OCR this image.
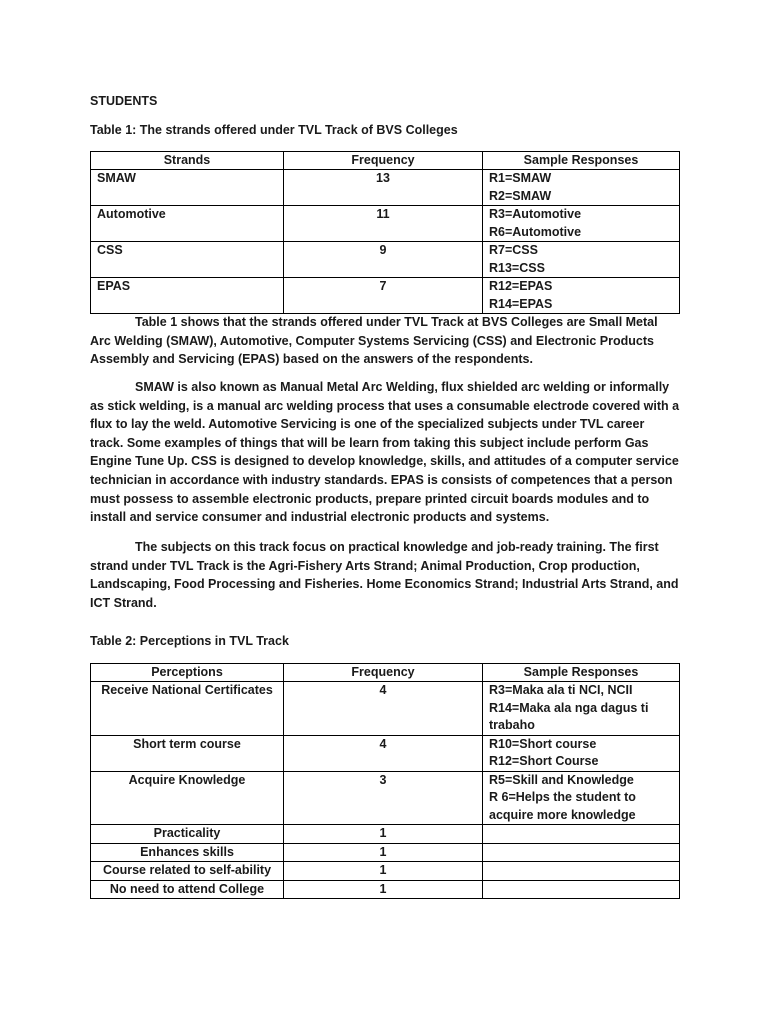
STUDENTS

Table 1: The strands offered under TVL Track of BVS Colleges

Strands	Frequency	Sample Responses
SMAW	13	R1=SMAW
R2=SMAW

Automotive	11	R3=Automotive
R6=Automotive

CSS	9	R7=CSS
R13=CSS

EPAS	7	R12=EPAS
R14=EPAS

Table 1 shows that the strands offered under TVL Track at BVS Colleges are Small Metal Arc Welding (SMAW), Automotive, Computer Systems Servicing (CSS) and Electronic Products Assembly and Servicing (EPAS) based on the answers of the respondents.

SMAW is also known as Manual Metal Arc Welding, flux shielded arc welding or informally as stick welding, is a manual arc welding process that uses a consumable electrode covered with a flux to lay the weld. Automotive Servicing is one of the specialized subjects under TVL career track. Some examples of things that will be learn from taking this subject include perform Gas Engine Tune Up. CSS is designed to develop knowledge, skills, and attitudes of a computer service technician in accordance with industry standards. EPAS is consists of competences that a person must possess to assemble electronic products, prepare printed circuit boards modules and to install and service consumer and industrial electronic products and systems.

The subjects on this track focus on practical knowledge and job-ready training. The first strand under TVL Track is the Agri-Fishery Arts Strand; Animal Production, Crop production, Landscaping, Food Processing and Fisheries. Home Economics Strand; Industrial Arts Strand, and ICT Strand.

Table 2: Perceptions in TVL Track

Perceptions	Frequency	Sample Responses
Receive National Certificates	4	R3=Maka ala ti NCI, NCII
R14=Maka ala nga dagus ti trabaho

Short term course	4	R10=Short course
R12=Short Course

Acquire Knowledge	3	R5=Skill and Knowledge
R 6=Helps the student to acquire more knowledge

Practicality	1	
Enhances skills	1	
Course related to self-ability	1	
No need to attend College	1	
